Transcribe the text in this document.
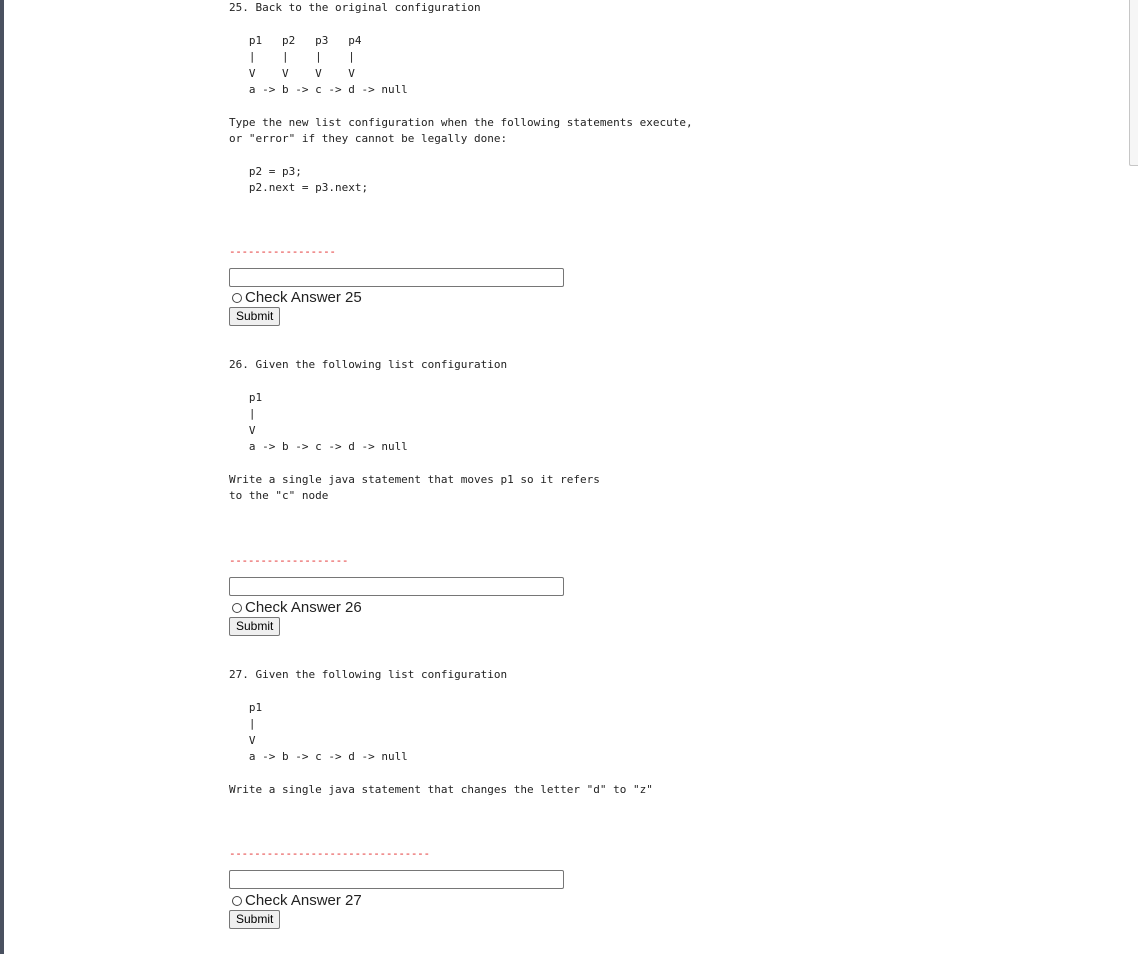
25. Back to the original configuration

p1   p2   p3   p4
|    |    |    |
V    V    V    V
a -> b -> c -> d -> null

Type the new list configuration when the following statements execute,
or "error" if they cannot be legally done:

p2 = p3;
p2.next = p3.next;
-----------------
Check Answer 25
Submit
26. Given the following list configuration

p1
|
V
a -> b -> c -> d -> null

Write a single java statement that moves p1 so it refers
to the "c" node
-------------------
Check Answer 26
Submit
27. Given the following list configuration

p1
|
V
a -> b -> c -> d -> null

Write a single java statement that changes the letter "d" to "z"
--------------------------------
Check Answer 27
Submit
